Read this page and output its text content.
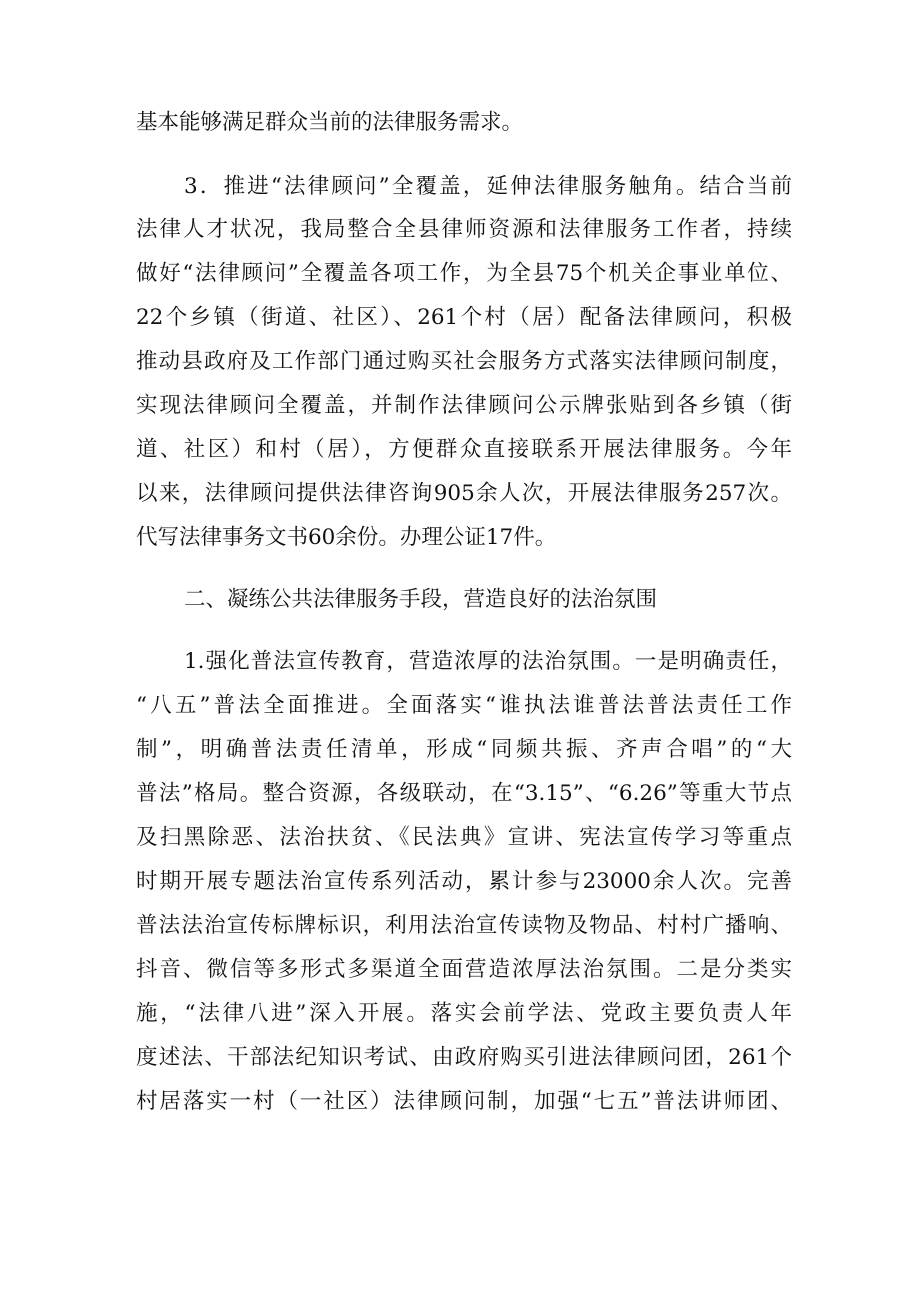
基本能够满足群众当前的法律服务需求。
3．推进“法律顾问”全覆盖，延伸法律服务触角。结合当前
法律人才状况，我局整合全县律师资源和法律服务工作者，持续
做好“法律顾问”全覆盖各项工作，为全县75个机关企事业单位、
22个乡镇（街道、社区）、261个村（居）配备法律顾问，积极
推动县政府及工作部门通过购买社会服务方式落实法律顾问制度，
实现法律顾问全覆盖，并制作法律顾问公示牌张贴到各乡镇（街
道、社区）和村（居），方便群众直接联系开展法律服务。今年
以来，法律顾问提供法律咨询905余人次，开展法律服务257次。
代写法律事务文书60余份。办理公证17件。
二、凝练公共法律服务手段，营造良好的法治氛围
1.强化普法宣传教育，营造浓厚的法治氛围。一是明确责任，
“八五”普法全面推进。全面落实“谁执法谁普法普法责任工作
制”，明确普法责任清单，形成“同频共振、齐声合唱”的“大
普法”格局。整合资源，各级联动，在“3.15”、“6.26”等重大节点
及扫黑除恶、法治扶贫、《民法典》宣讲、宪法宣传学习等重点
时期开展专题法治宣传系列活动，累计参与23000余人次。完善
普法法治宣传标牌标识，利用法治宣传读物及物品、村村广播响、
抖音、微信等多形式多渠道全面营造浓厚法治氛围。二是分类实
施，“法律八进”深入开展。落实会前学法、党政主要负责人年
度述法、干部法纪知识考试、由政府购买引进法律顾问团，261个
村居落实一村（一社区）法律顾问制，加强“七五”普法讲师团、
